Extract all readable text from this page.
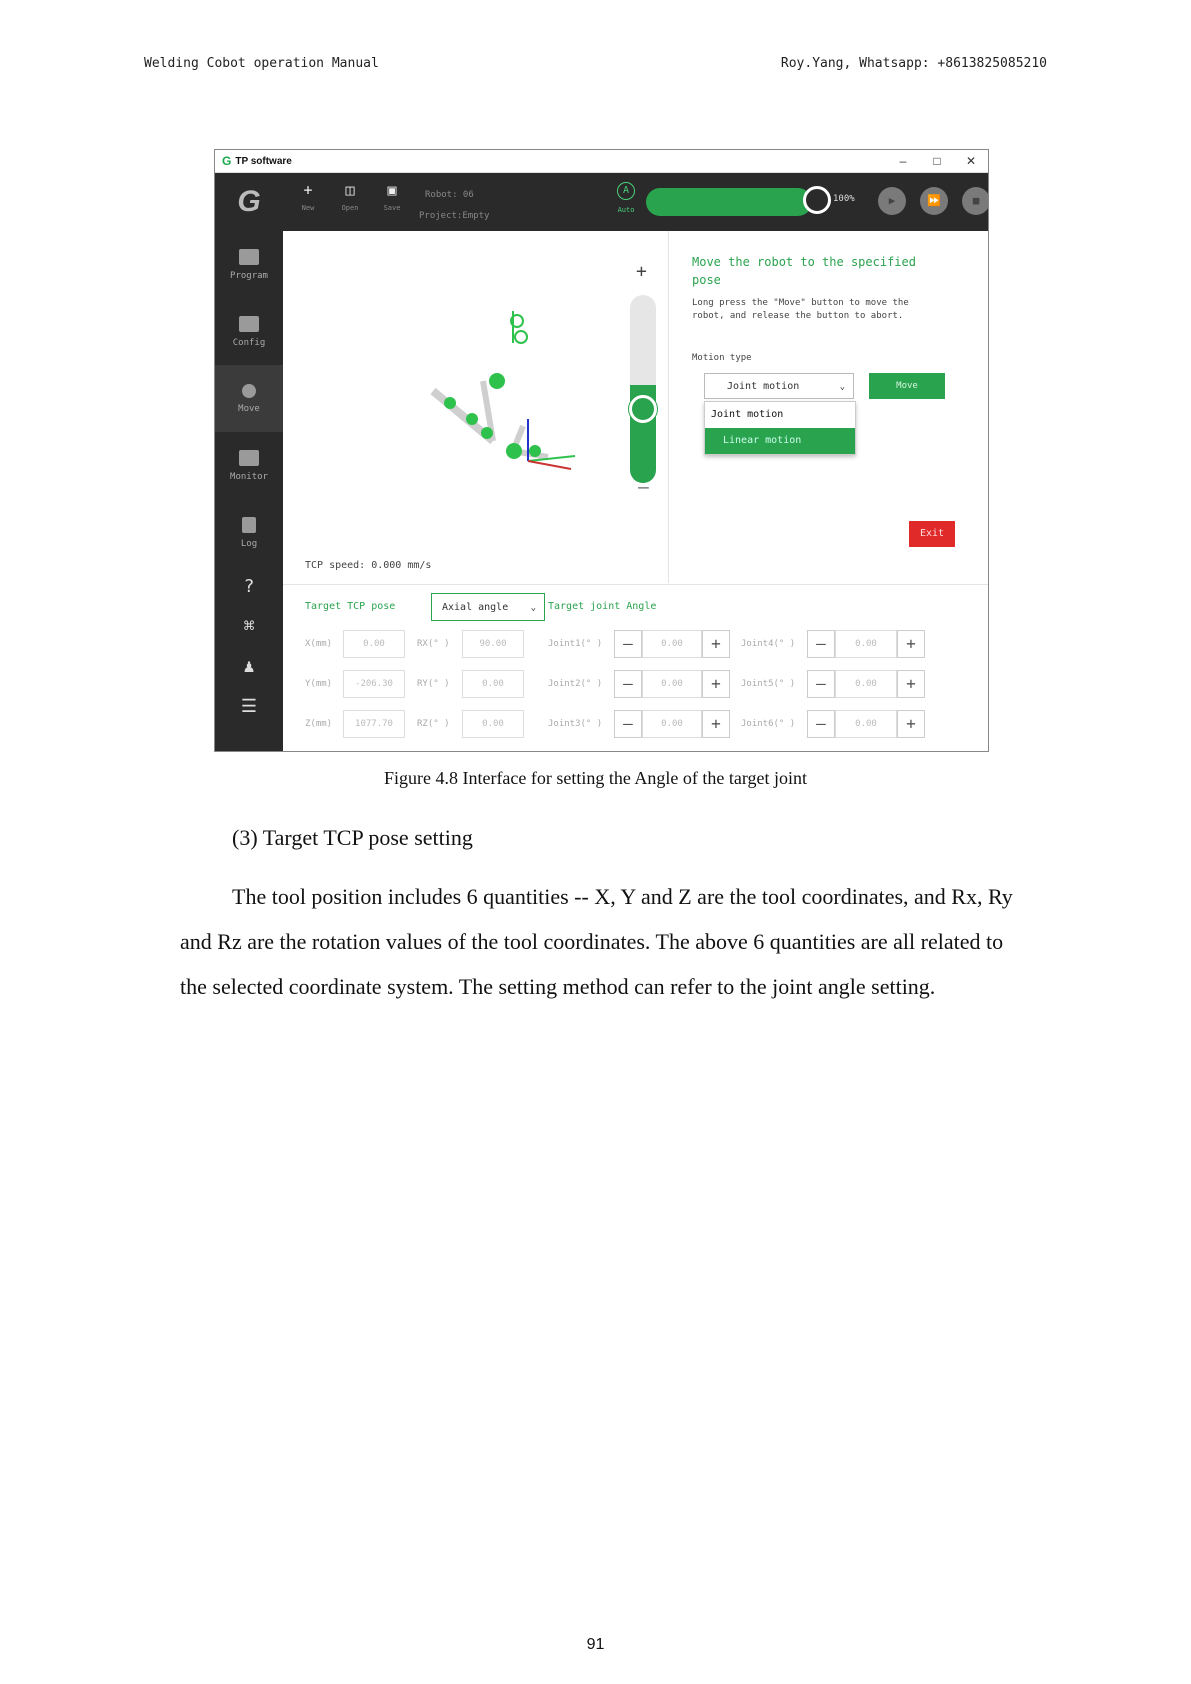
Welding Cobot operation Manual	Roy.Yang, Whatsapp: +8613825085210
G TP software	–	□	✕
G
Program
Config
Move
Monitor
Log
?
⌘
♟
☰
+
New
◫
Open
▣
Save
Robot: 06
Project:Empty
A
Auto
100%	▶	⏩	■
+
–
TCP speed: 0.000 mm/s
Move the robot to the specified pose
Long press the "Move" button to move the robot, and release the button to abort.
Motion type
Joint motion	⌄
Joint motion
Linear motion
Move
Exit
Target TCP pose	Axial angle ⌄ Target joint Angle
X(mm)	0.00	RX(° )	90.00	Joint1(° )	–	0.00	+	Joint4(° )	–	0.00	+
Y(mm)	-206.30	RY(° )	0.00	Joint2(° )	–	0.00	+	Joint5(° )	–	0.00	+
Z(mm)	1077.70	RZ(° )	0.00	Joint3(° )	–	0.00	+	Joint6(° )	–	0.00	+
Figure 4.8 Interface for setting the Angle of the target joint
(3) Target TCP pose setting
The tool position includes 6 quantities -- X, Y and Z are the tool coordinates, and Rx, Ry and Rz are the rotation values of the tool coordinates. The above 6 quantities are all related to the selected coordinate system. The setting method can refer to the joint angle setting.
91
